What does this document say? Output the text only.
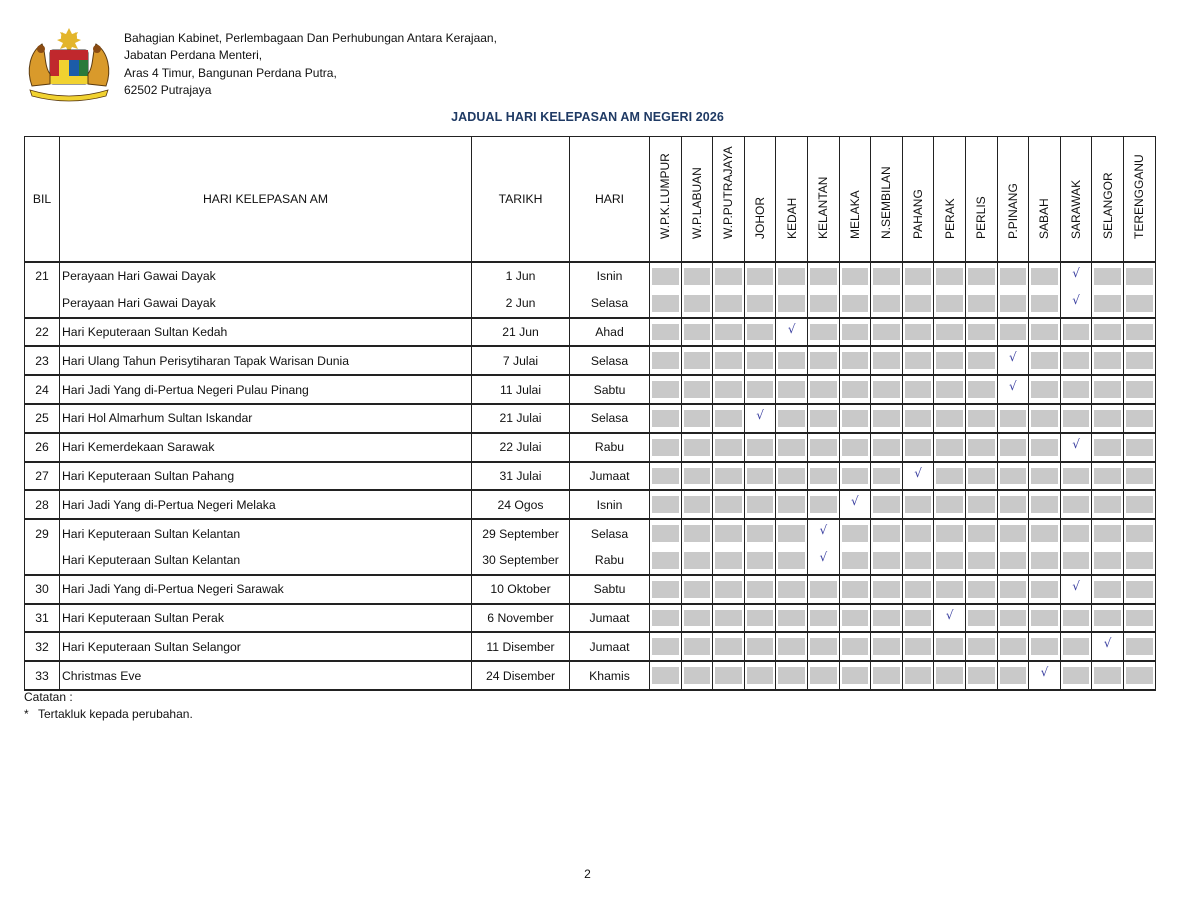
Bahagian Kabinet, Perlembagaan Dan Perhubungan Antara Kerajaan,
Jabatan Perdana Menteri,
Aras 4 Timur, Bangunan Perdana Putra,
62502 Putrajaya
JADUAL HARI KELEPASAN AM NEGERI 2026
BIL	HARI KELEPASAN AM	TARIKH	HARI	W.P.K.LUMPUR	W.P.LABUAN	W.P.PUTRAJAYA	JOHOR	KEDAH	KELANTAN	MELAKA	N.SEMBILAN	PAHANG	PERAK	PERLIS	P.PINANG	SABAH	SARAWAK	SELANGOR	TERENGGANU

21	Perayaan Hari Gawai Dayak	1 Jun	Isnin														√		

	Perayaan Hari Gawai Dayak	2 Jun	Selasa														√		

22	Hari Keputeraan Sultan Kedah	21 Jun	Ahad					√											

23	Hari Ulang Tahun Perisytiharan Tapak Warisan Dunia	7 Julai	Selasa												√				

24	Hari Jadi Yang di-Pertua Negeri Pulau Pinang	11 Julai	Sabtu												√				

25	Hari Hol Almarhum Sultan Iskandar	21 Julai	Selasa				√												

26	Hari Kemerdekaan Sarawak	22 Julai	Rabu														√		

27	Hari Keputeraan Sultan Pahang	31 Julai	Jumaat									√							

28	Hari Jadi Yang di-Pertua Negeri Melaka	24 Ogos	Isnin							√									

29	Hari Keputeraan Sultan Kelantan	29 September	Selasa						√										

	Hari Keputeraan Sultan Kelantan	30 September	Rabu						√										

30	Hari Jadi Yang di-Pertua Negeri Sarawak	10 Oktober	Sabtu														√		

31	Hari Keputeraan Sultan Perak	6 November	Jumaat										√						

32	Hari Keputeraan Sultan Selangor	11 Disember	Jumaat															√	

33	Christmas Eve	24 Disember	Khamis													√			

Catatan :
* Tertakluk kepada perubahan.
2
